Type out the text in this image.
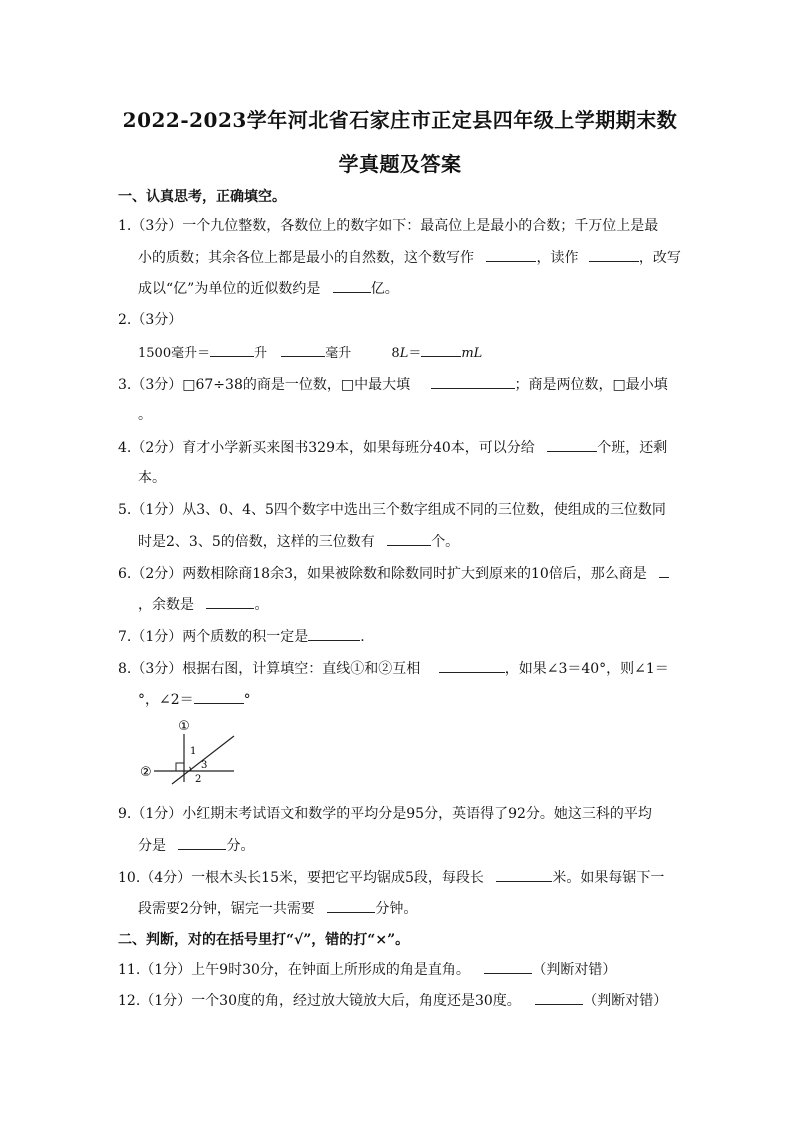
2022-2023学年河北省石家庄市正定县四年级上学期期末数
学真题及答案
一、认真思考，正确填空。
1.（3分）一个九位整数，各数位上的数字如下：最高位上是最小的合数；千万位上是最
小的质数；其余各位上都是最小的自然数，这个数写作	，读作	，改写
成以“亿”为单位的近似数约是	亿。
2.（3分）
1500毫升＝	升	毫升	8L＝	mL
3.（3分）□67÷38的商是一位数，□中最大填	；商是两位数，□最小填
。
4.（2分）育才小学新买来图书329本，如果每班分40本，可以分给	个班，还剩
本。
5.（1分）从3、0、4、5四个数字中选出三个数字组成不同的三位数，使组成的三位数同
时是2、3、5的倍数，这样的三位数有	个。
6.（2分）两数相除商18余3，如果被除数和除数同时扩大到原来的10倍后，那么商是
，余数是	。
7.（1分）两个质数的积一定是	.
8.（3分）根据右图，计算填空：直线①和②互相	，如果∠3＝40°，则∠1＝
°，∠2＝	°
①
②
1
2
3
9.（1分）小红期末考试语文和数学的平均分是95分，英语得了92分。她这三科的平均
分是	分。
10.（4分）一根木头长15米，要把它平均锯成5段，每段长	米。如果每锯下一
段需要2分钟，锯完一共需要	分钟。
二、判断，对的在括号里打“√”，错的打“×”。
11.（1分）上午9时30分，在钟面上所形成的角是直角。	（判断对错）
12.（1分）一个30度的角，经过放大镜放大后，角度还是30度。	（判断对错）
